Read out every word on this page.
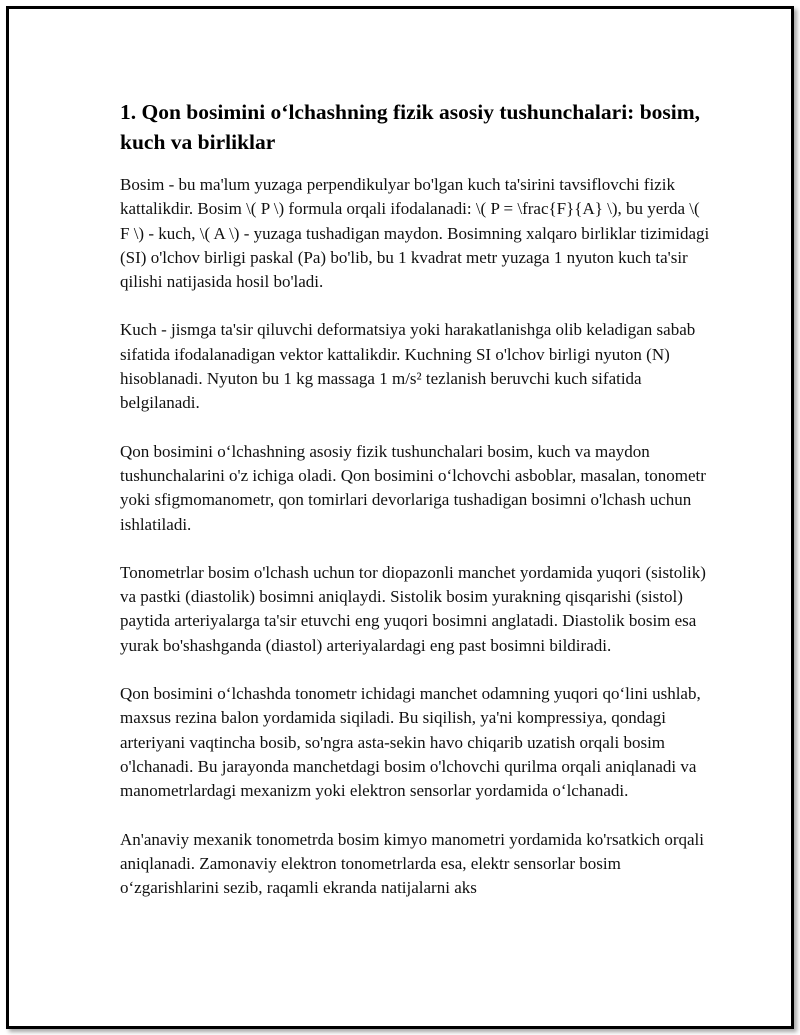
1. Qon bosimini o‘lchashning fizik asosiy tushunchalari: bosim, kuch va birliklar

Bosim - bu ma'lum yuzaga perpendikulyar bo'lgan kuch ta'sirini tavsiflovchi fizik kattalikdir. Bosim \( P \) formula orqali ifodalanadi: \( P = \frac{F}{A} \), bu yerda \( F \) - kuch, \( A \) - yuzaga tushadigan maydon. Bosimning xalqaro birliklar tizimidagi (SI) o'lchov birligi paskal (Pa) bo'lib, bu 1 kvadrat metr yuzaga 1 nyuton kuch ta'sir qilishi natijasida hosil bo'ladi.

Kuch - jismga ta'sir qiluvchi deformatsiya yoki harakatlanishga olib keladigan sabab sifatida ifodalanadigan vektor kattalikdir. Kuchning SI o'lchov birligi nyuton (N) hisoblanadi. Nyuton bu 1 kg massaga 1 m/s² tezlanish beruvchi kuch sifatida belgilanadi.

Qon bosimini o‘lchashning asosiy fizik tushunchalari bosim, kuch va maydon tushunchalarini o'z ichiga oladi. Qon bosimini o‘lchovchi asboblar, masalan, tonometr yoki sfigmomanometr, qon tomirlari devorlariga tushadigan bosimni o'lchash uchun ishlatiladi.

Tonometrlar bosim o'lchash uchun tor diopazonli manchet yordamida yuqori (sistolik) va pastki (diastolik) bosimni aniqlaydi. Sistolik bosim yurakning qisqarishi (sistol) paytida arteriyalarga ta'sir etuvchi eng yuqori bosimni anglatadi. Diastolik bosim esa yurak bo'shashganda (diastol) arteriyalardagi eng past bosimni bildiradi.

Qon bosimini o‘lchashda tonometr ichidagi manchet odamning yuqori qo‘lini ushlab, maxsus rezina balon yordamida siqiladi. Bu siqilish, ya'ni kompressiya, qondagi arteriyani vaqtincha bosib, so'ngra asta-sekin havo chiqarib uzatish orqali bosim o'lchanadi. Bu jarayonda manchetdagi bosim o'lchovchi qurilma orqali aniqlanadi va manometrlardagi mexanizm yoki elektron sensorlar yordamida o‘lchanadi.

An'anaviy mexanik tonometrda bosim kimyo manometri yordamida ko'rsatkich orqali aniqlanadi. Zamonaviy elektron tonometrlarda esa, elektr sensorlar bosim o‘zgarishlarini sezib, raqamli ekranda natijalarni aks
